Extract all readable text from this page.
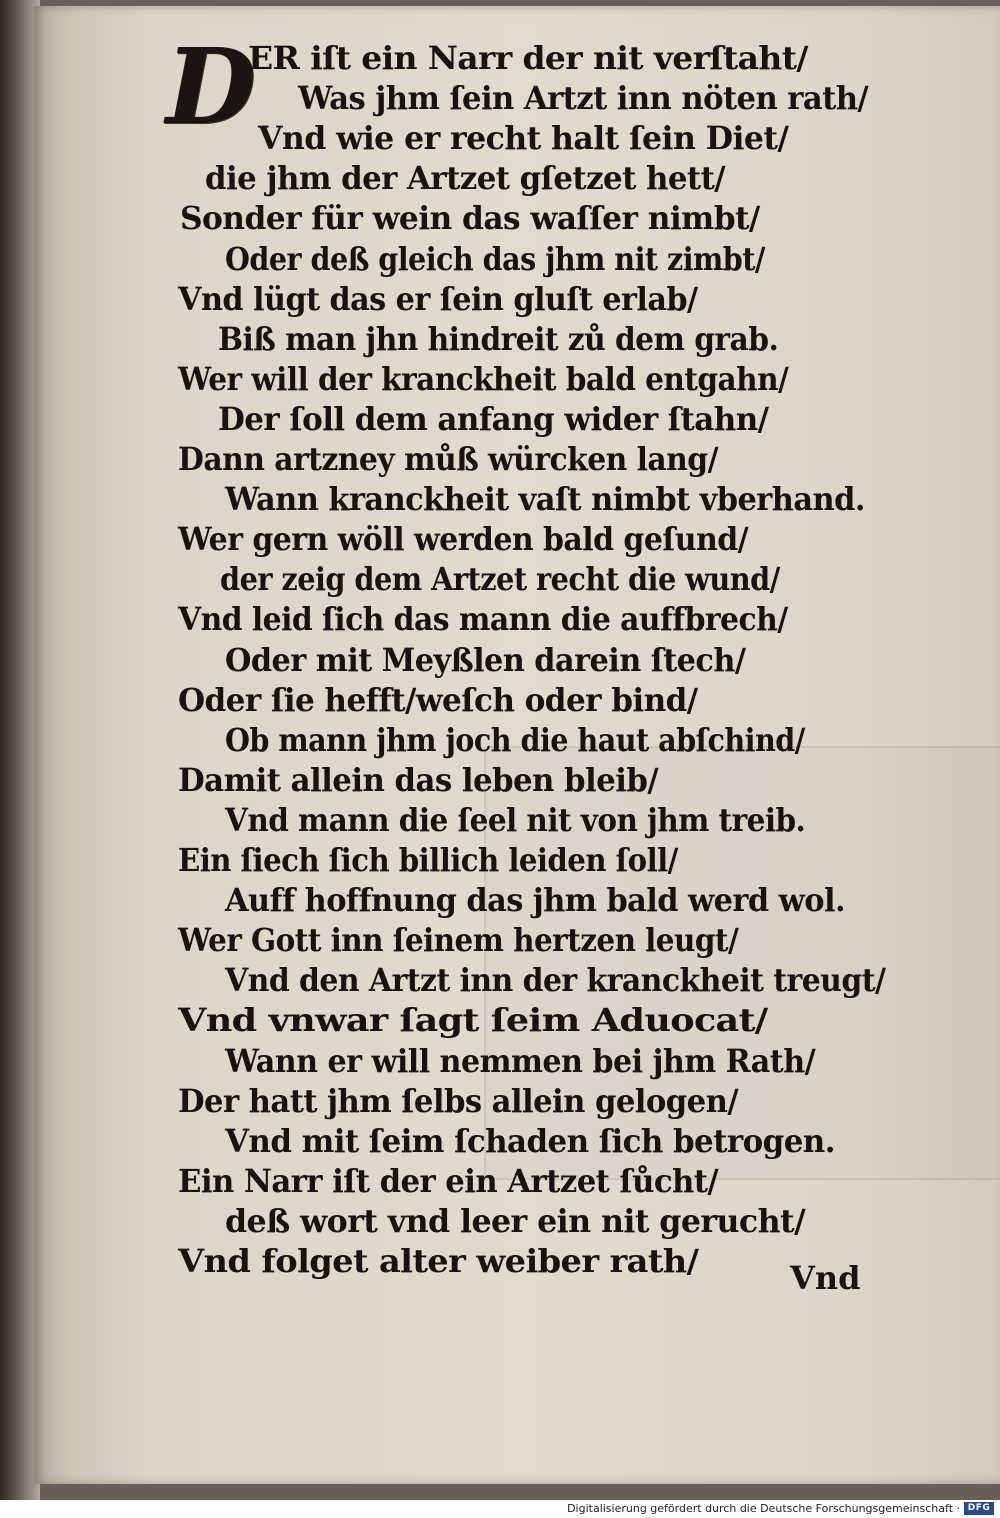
D
ER iſt ein Narr der nit verſtaht/
Was jhm ſein Artzt inn nöten rath/
Vnd wie er recht halt ſein Diet/
die jhm der Artzet gſetzet hett/
Sonder für wein das waſſer nimbt/
Oder deß gleich das jhm nit zimbt/
Vnd lügt das er ſein gluſt erlab/
Biß man jhn hindreit zů dem grab.
Wer will der kranckheit bald entgahn/
Der ſoll dem anfang wider ſtahn/
Dann artzney můß würcken lang/
Wann kranckheit vaſt nimbt vberhand.
Wer gern wöll werden bald geſund/
der zeig dem Artzet recht die wund/
Vnd leid ſich das mann die auffbrech/
Oder mit Meyßlen darein ſtech/
Oder ſie hefft/weſch oder bind/
Ob mann jhm joch die haut abſchind/
Damit allein das leben bleib/
Vnd mann die ſeel nit von jhm treib.
Ein ſiech ſich billich leiden ſoll/
Auff hoffnung das jhm bald werd wol.
Wer Gott inn ſeinem hertzen leugt/
Vnd den Artzt inn der kranckheit treugt/
Vnd vnwar ſagt ſeim Aduocat/
Wann er will nemmen bei jhm Rath/
Der hatt jhm ſelbs allein gelogen/
Vnd mit ſeim ſchaden ſich betrogen.
Ein Narr iſt der ein Artzet ſůcht/
deß wort vnd leer ein nit gerucht/
Vnd folget alter weiber rath/	Vnd
Digitalisierung gefördert durch die Deutsche Forschungsgemeinschaft · DFG
